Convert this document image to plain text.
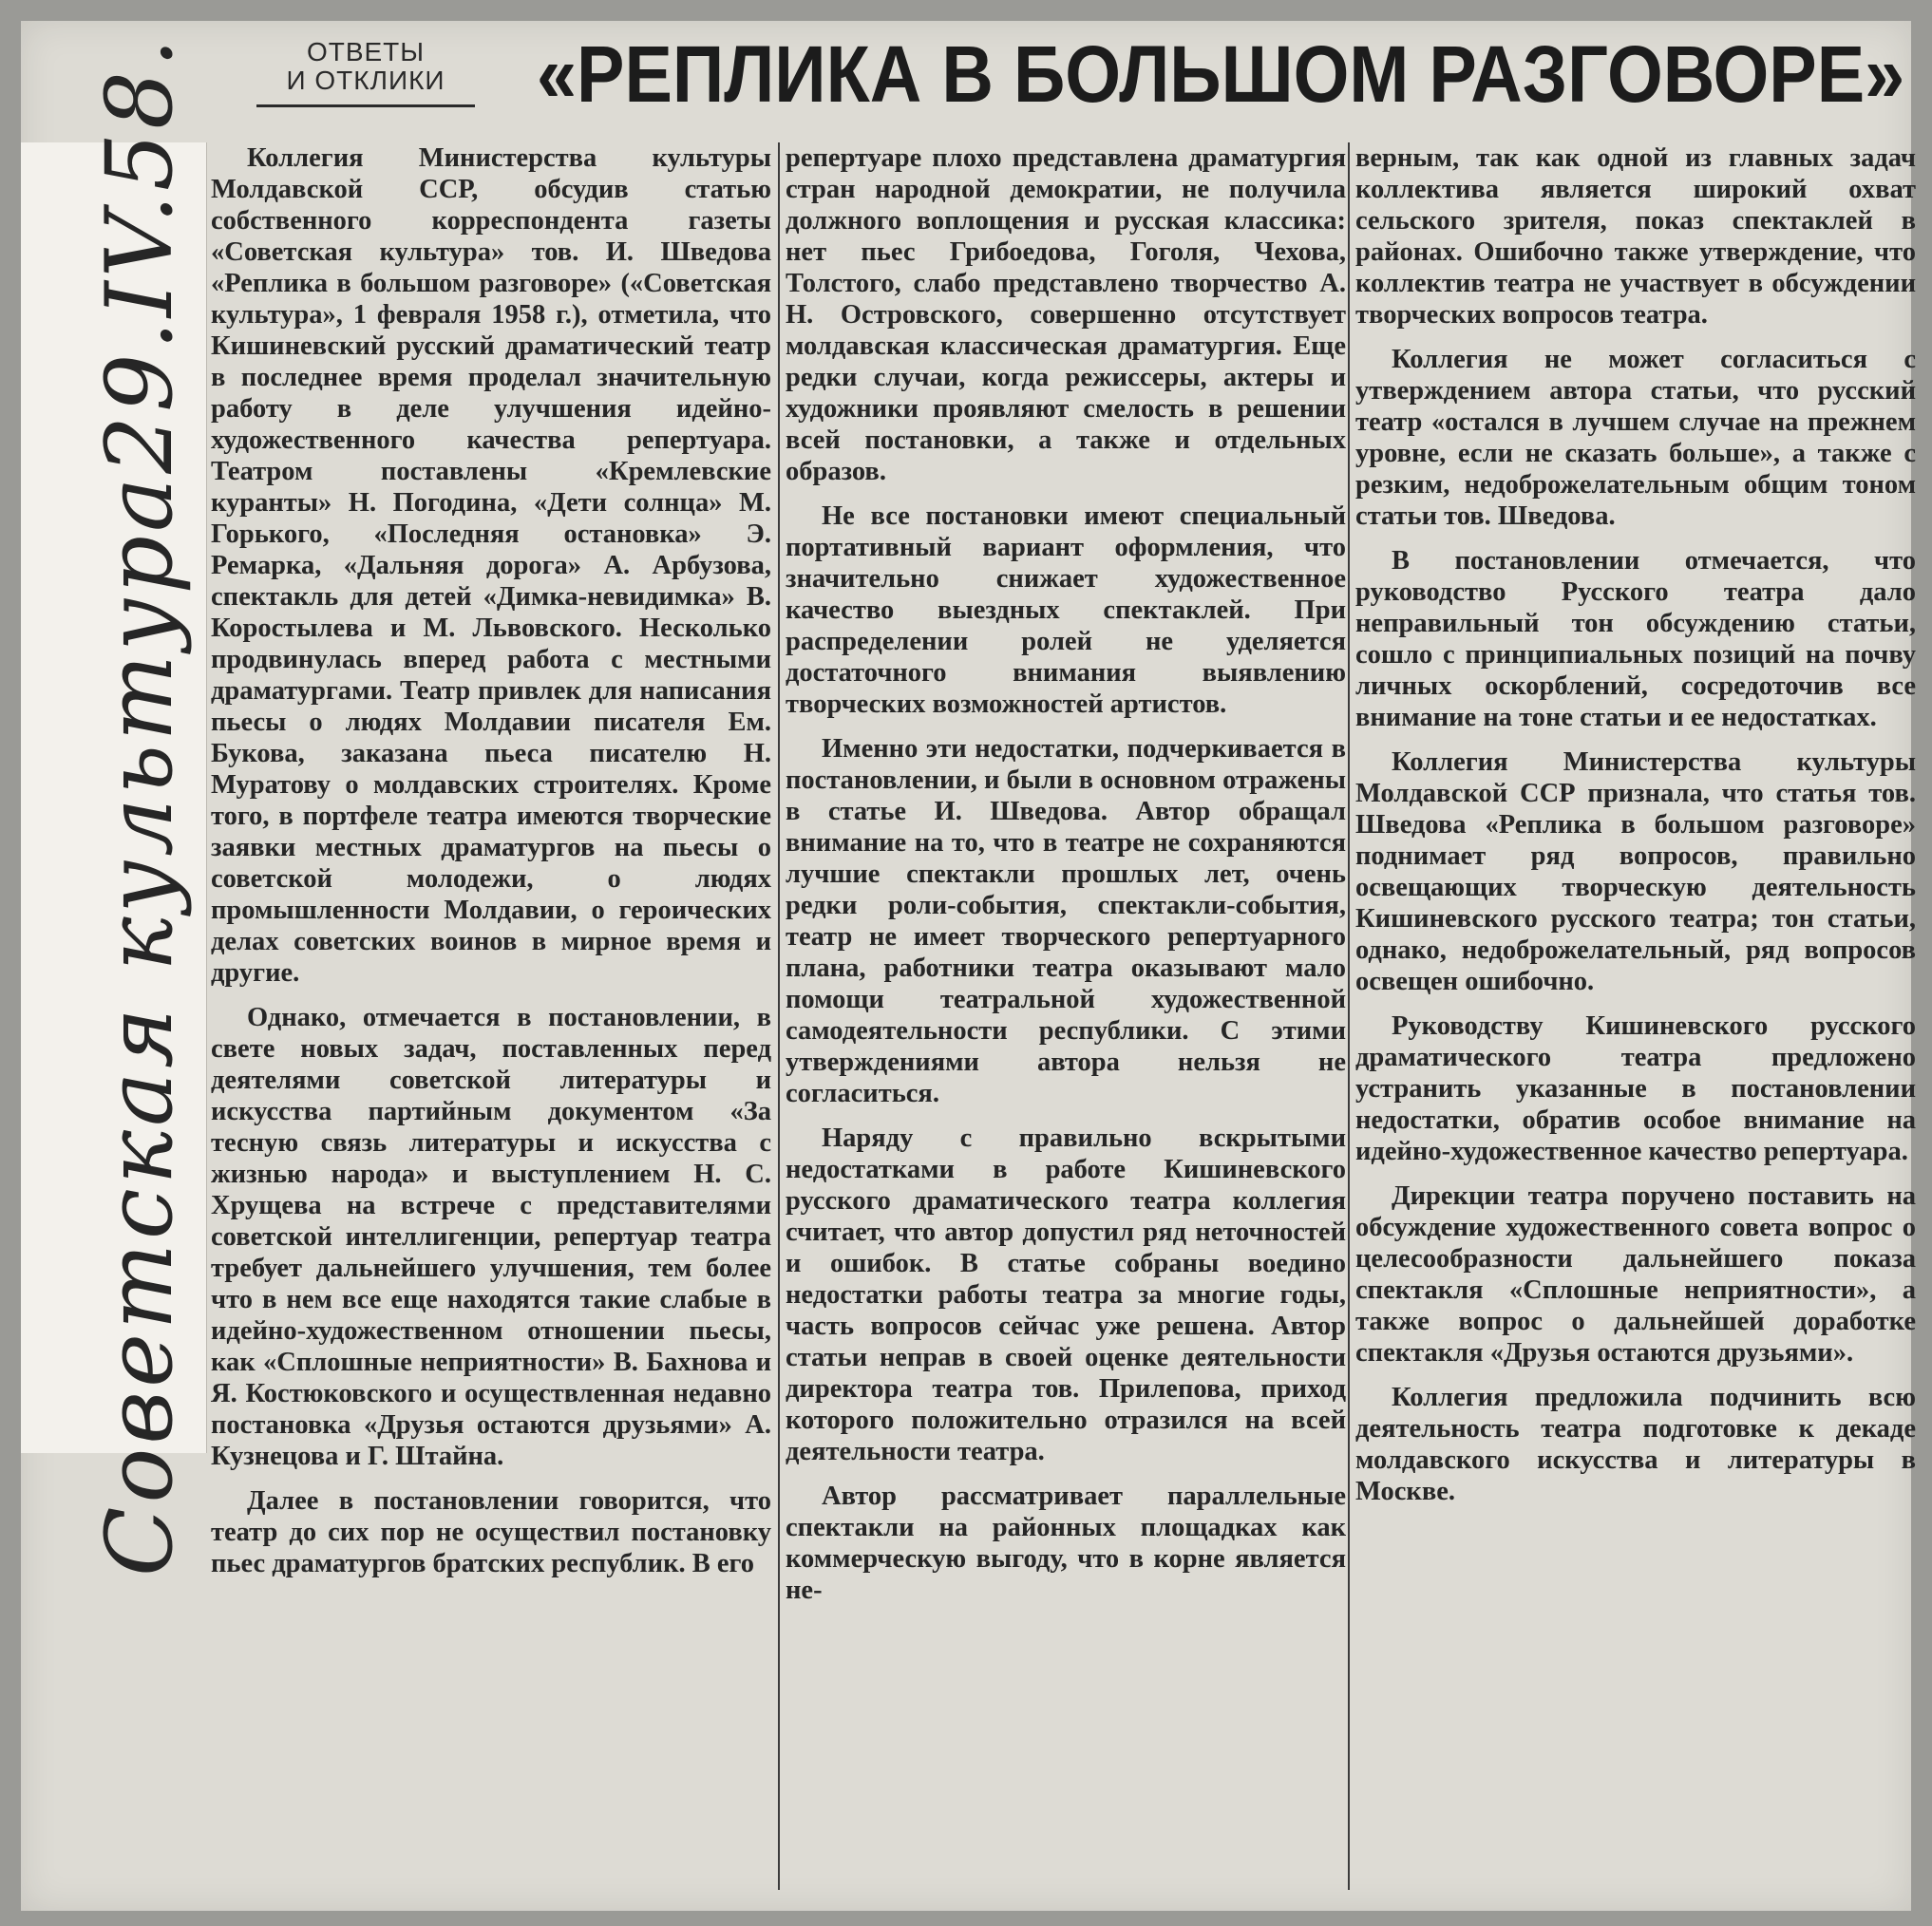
Советская культура
29.IV.58.	ОТВЕТЫ
И ОТКЛИКИ	«РЕПЛИКА В БОЛЬШОМ РАЗГОВОРЕ»

Коллегия Министерства культуры Молдавской ССР, обсудив статью собственного корреспондента газеты «Советская культура» тов. И. Шведова «Реплика в большом разговоре» («Советская культура», 1 февраля 1958 г.), отметила, что Кишиневский русский драматический театр в последнее время проделал значительную работу в деле улучшения идейно-художественного качества репертуара. Театром поставлены «Кремлевские куранты» Н. Погодина, «Дети солнца» М. Горького, «Последняя остановка» Э. Ремарка, «Дальняя дорога» А. Арбузова, спектакль для детей «Димка-невидимка» В. Коростылева и М. Львовского. Несколько продвинулась вперед работа с местными драматургами. Театр привлек для написания пьесы о людях Молдавии писателя Ем. Букова, заказана пьеса писателю Н. Муратову о молдавских строителях. Кроме того, в портфеле театра имеются творческие заявки местных драматургов на пьесы о советской молодежи, о людях промышленности Молдавии, о героических делах советских воинов в мирное время и другие.

Однако, отмечается в постановлении, в свете новых задач, поставленных перед деятелями советской литературы и искусства партийным документом «За тесную связь литературы и искусства с жизнью народа» и выступлением Н. С. Хрущева на встрече с представителями советской интеллигенции, репертуар театра требует дальнейшего улучшения, тем более что в нем все еще находятся такие слабые в идейно-художественном отношении пьесы, как «Сплошные неприятности» В. Бахнова и Я. Костюковского и осуществленная недавно постановка «Друзья остаются друзьями» А. Кузнецова и Г. Штайна.

Далее в постановлении говорится, что театр до сих пор не осуществил постановку пьес драматургов братских республик. В его

репертуаре плохо представлена драматургия стран народной демократии, не получила должного воплощения и русская классика: нет пьес Грибоедова, Гоголя, Чехова, Толстого, слабо представлено творчество А. Н. Островского, совершенно отсутствует молдавская классическая драматургия. Еще редки случаи, когда режиссеры, актеры и художники проявляют смелость в решении всей постановки, а также и отдельных образов.

Не все постановки имеют специальный портативный вариант оформления, что значительно снижает художественное качество выездных спектаклей. При распределении ролей не уделяется достаточного внимания выявлению творческих возможностей артистов.

Именно эти недостатки, подчеркивается в постановлении, и были в основном отражены в статье И. Шведова. Автор обращал внимание на то, что в театре не сохраняются лучшие спектакли прошлых лет, очень редки роли-события, спектакли-события, театр не имеет творческого репертуарного плана, работники театра оказывают мало помощи театральной художественной самодеятельности республики. С этими утверждениями автора нельзя не согласиться.

Наряду с правильно вскрытыми недостатками в работе Кишиневского русского драматического театра коллегия считает, что автор допустил ряд неточностей и ошибок. В статье собраны воедино недостатки работы театра за многие годы, часть вопросов сейчас уже решена. Автор статьи неправ в своей оценке деятельности директора театра тов. Прилепова, приход которого положительно отразился на всей деятельности театра.

Автор рассматривает параллельные спектакли на районных площадках как коммерческую выгоду, что в корне является не-

верным, так как одной из главных задач коллектива является широкий охват сельского зрителя, показ спектаклей в районах. Ошибочно также утверждение, что коллектив театра не участвует в обсуждении творческих вопросов театра.

Коллегия не может согласиться с утверждением автора статьи, что русский театр «остался в лучшем случае на прежнем уровне, если не сказать больше», а также с резким, недоброжелательным общим тоном статьи тов. Шведова.

В постановлении отмечается, что руководство Русского театра дало неправильный тон обсуждению статьи, сошло с принципиальных позиций на почву личных оскорблений, сосредоточив все внимание на тоне статьи и ее недостатках.

Коллегия Министерства культуры Молдавской ССР признала, что статья тов. Шведова «Реплика в большом разговоре» поднимает ряд вопросов, правильно освещающих творческую деятельность Кишиневского русского театра; тон статьи, однако, недоброжелательный, ряд вопросов освещен ошибочно.

Руководству Кишиневского русского драматического театра предложено устранить указанные в постановлении недостатки, обратив особое внимание на идейно-художественное качество репертуара.

Дирекции театра поручено поставить на обсуждение художественного совета вопрос о целесообразности дальнейшего показа спектакля «Сплошные неприятности», а также вопрос о дальнейшей доработке спектакля «Друзья остаются друзьями».

Коллегия предложила подчинить всю деятельность театра подготовке к декаде молдавского искусства и литературы в Москве.
